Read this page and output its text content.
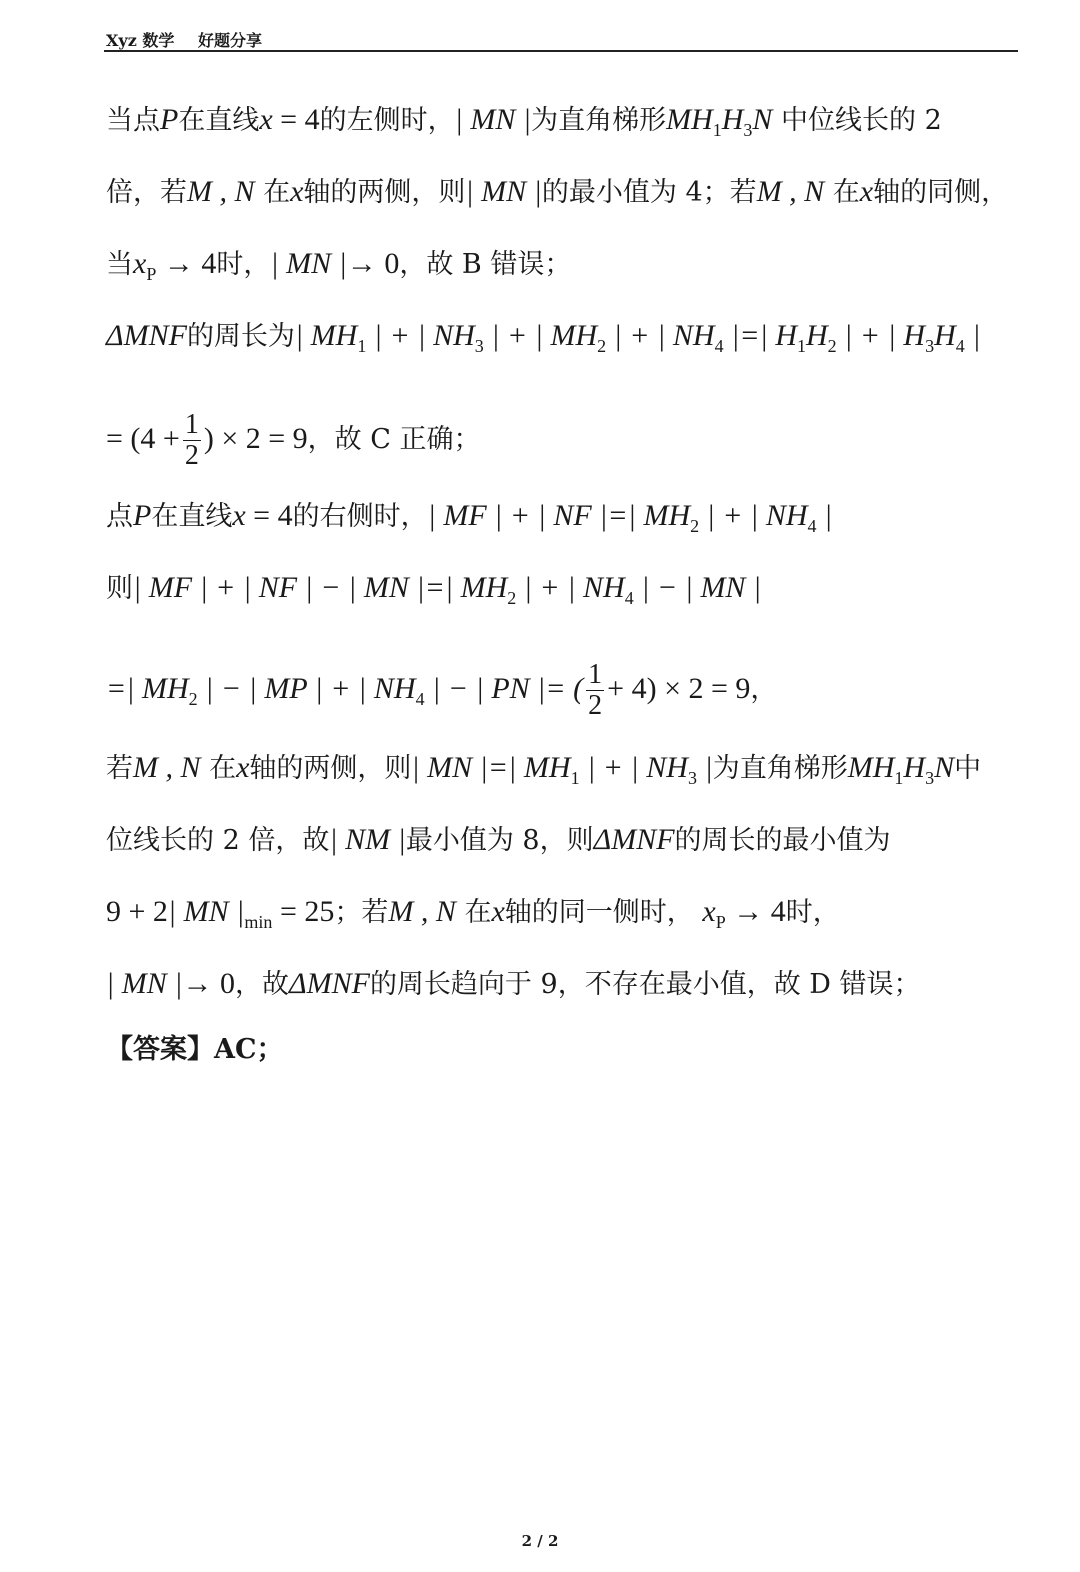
Xyz 数学 好题分享
当点P在直线x = 4的左侧时，| MN |为直角梯形$MH_1H_3N$ 中位线长的 2
倍，若M , N 在x轴的两侧，则| MN |的最小值为 4；若M , N 在x轴的同侧，
当$x_P \to 4$时，| MN |→ 0，故 B 错误；
ΔMNF的周长为| $MH_1$ | + | $NH_3$ | + | $MH_2$ | + | $NH_4$ |=| $H_1H_2$ | + | $H_3H_4$ |
= ($4 + \frac{1}{2}$ ) × 2 = 9，故 C 正确；
点P在直线x = 4的右侧时，| MF | + | NF |=| $MH_2$ | + | $NH_4$ |
则| MF | + | NF | − | MN |=| $MH_2$ | + | $NH_4$ | − | MN |
=| $MH_2$ | − | MP | + | $NH_4$ | − | PN |= ( $\frac{1}{2} + 4) \times 2 = 9$，
若M , N 在x轴的两侧，则| MN |=| $MH_1$ | + | $NH_3$ |为直角梯形$MH_1H_3N$中
位线长的 2 倍，故| NM |最小值为 8，则ΔMNF的周长的最小值为
9 + 2| MN $|_{min} = 25$；若M , N 在x轴的同一侧时， $x_P \to 4$时，
| MN |→ 0，故ΔMNF的周长趋向于 9，不存在最小值，故 D 错误；
【答案】AC；
2 / 2
